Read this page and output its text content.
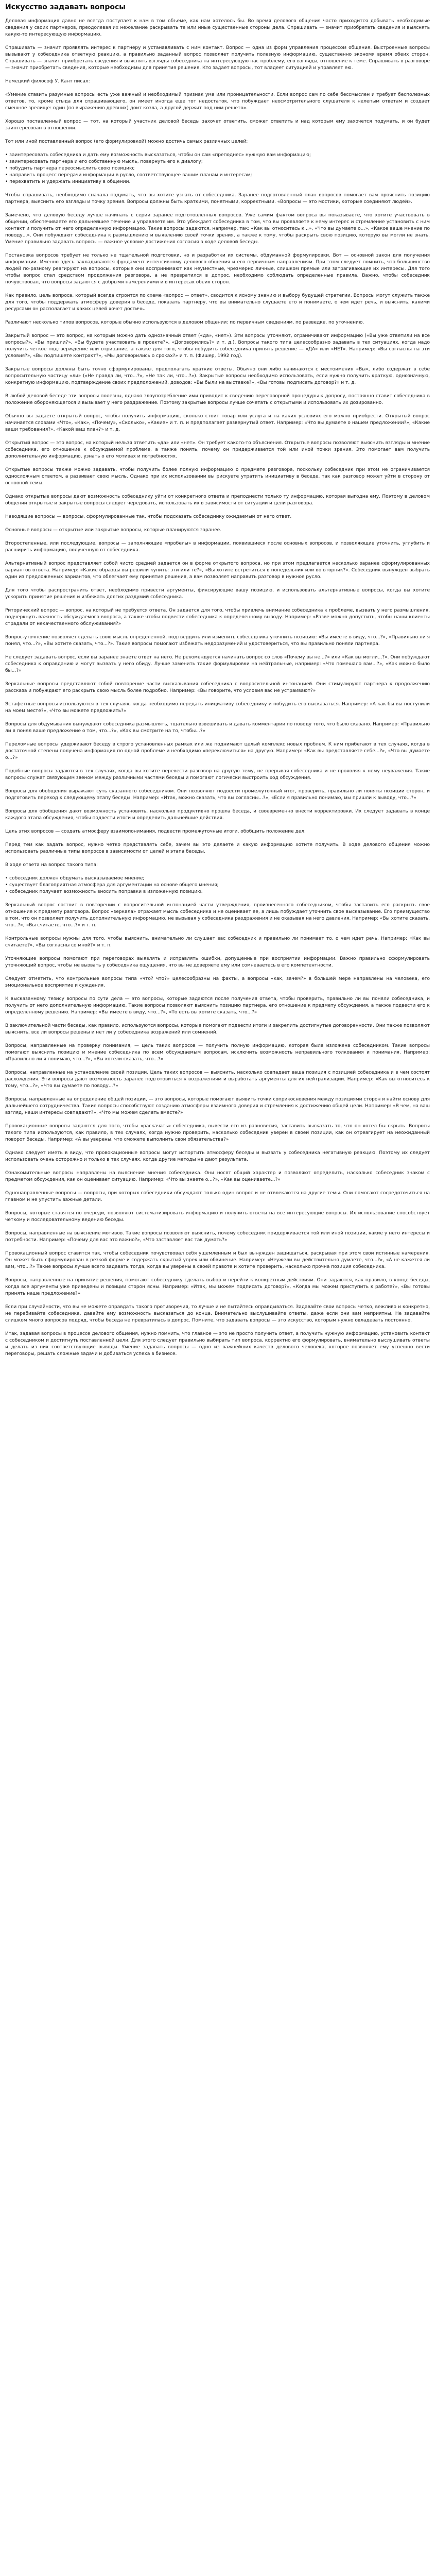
Искусство задавать вопросы

Деловая информация давно не всегда поступает к нам в том объеме, как нам хотелось бы. Во время делового общения часто приходится добывать необходимые сведения у своих партнеров, преодолевая их нежелание раскрывать те или иные существенные стороны дела. Спрашивать — значит приобретать сведения и выяснять какую-то интересующую информацию.

Спрашивать — значит проявлять интерес к партнеру и устанавливать с ним контакт. Вопрос — одна из форм управления процессом общения. Выстроенные вопросы вызывают у собеседника ответную реакцию, а правильно заданный вопрос позволяет получить полезную информацию, существенно экономя время обеих сторон. Спрашивать — значит приобретать сведения и выяснять взгляды собеседника на интересующую нас проблему, его взгляды, отношение к теме. Спрашивать в разговоре — значит приобретать сведения, которые необходимы для принятия решения. Кто задает вопросы, тот владеет ситуацией и управляет ею.

Немецкий философ У. Кант писал:

«Умение ставить разумные вопросы есть уже важный и необходимый признак ума или проницательности. Если вопрос сам по себе бессмыслен и требует бесполезных ответов, то, кроме стыда для спрашивающего, он имеет иногда еще тот недостаток, что побуждает неосмотрительного слушателя к нелепым ответам и создает смешное зрелище: один (по выражению древних) доит козла, а другой держит под ним решето».

Хорошо поставленный вопрос — тот, на который участник деловой беседы захочет ответить, сможет ответить и над которым ему захочется подумать, и он будет заинтересован в отношении.

Тот или иной поставленный вопрос (его формулировкой) можно достичь самых различных целей:

• заинтересовать собеседника и дать ему возможность высказаться, чтобы он сам «преподнес» нужную вам информацию;
• заинтересовать партнера и его собственную мысль, повернуть его к диалогу;
• побудить партнера переосмыслить свою позицию;
• направить процесс передачи информации в русло, соответствующее вашим планам и интересам;
• перехватить и удержать инициативу в общении.

Чтобы спрашивать, необходимо сначала подумать, что вы хотите узнать от собеседника. Заранее подготовленный план вопросов помогает вам прояснить позицию партнера, выяснить его взгляды и точку зрения. Вопросы должны быть краткими, понятными, корректными. «Вопросы — это мостики, которые соединяют людей».

Замечено, что деловую беседу лучше начинать с серии заранее подготовленных вопросов. Уже самим фактом вопроса вы показываете, что хотите участвовать в общении, обеспечиваете его дальнейшее течение и управляете им. Это убеждает собеседника в том, что вы проявляете к нему интерес и стремление установить с ним контакт и получить от него определенную информацию. Такие вопросы задаются, например, так: «Как вы относитесь к...», «Что вы думаете о...», «Какое ваше мнение по поводу...». Они побуждают собеседника к размышлению и выявлению своей точки зрения, а также к тому, чтобы раскрыть свою позицию, которую вы могли не знать. Умение правильно задавать вопросы — важное условие достижения согласия в ходе деловой беседы.

Постановка вопросов требует не только не тщательной подготовки, но и разработки их системы, обдуманной формулировки. Вот — основной закон для получения информации. Именно здесь закладываются фундамент интенсивному делового общения и его первичным направлениям. При этом следует помнить, что большинство людей по-разному реагируют на вопросы, которые они воспринимают как неуместные, чрезмерно личные, слишком прямые или затрагивающие их интересы. Для того чтобы вопрос стал средством продолжения разговора, а не превратился в допрос, необходимо соблюдать определенные правила. Важно, чтобы собеседник почувствовал, что вопросы задаются с добрыми намерениями и в интересах обеих сторон.

Как правило, цель вопроса, который всегда строится по схеме «вопрос — ответ», сводится к ясному знанию и выбору будущей стратегии. Вопросы могут служить также для того, чтобы поддержать атмосферу доверия в беседе, показать партнеру, что вы внимательно слушаете его и понимаете, о чем идет речь, и выяснить, какими ресурсами он располагает и каких целей хочет достичь.

Различают несколько типов вопросов, которые обычно используются в деловом общении: по первичным сведениям, по разведке, по уточнению.

Закрытый вопрос — это вопрос, на который можно дать однозначный ответ («да», «нет»). Эти вопросы уточняют, ограничивают информацию («Вы уже ответили на все вопросы?», «Вы пришли?», «Вы будете участвовать в проекте?», «Договорились?» и т. д.). Вопросы такого типа целесообразно задавать в тех ситуациях, когда надо получить четкое подтверждение или отрицание, а также для того, чтобы побудить собеседника принять решение — «ДА» или «НЕТ». Например: «Вы согласны на эти условия?», «Вы подпишете контракт?», «Мы договорились о сроках?» и т. п. (Фишер, 1992 год).

Закрытые вопросы должны быть точно сформулированы, предполагать краткие ответы. Обычно они либо начинаются с местоимения «Вы», либо содержат в себе вопросительную частицу «ли» («Не правда ли, что...?», «Не так ли, что...?»). Закрытые вопросы необходимо использовать, если нужно получить краткую, однозначную, конкретную информацию, подтверждение своих предположений, доводов: «Вы были на выставке?», «Вы готовы подписать договор?» и т. д.

В любой деловой беседе эти вопросы полезны, однако злоупотребление ими приводит к сведению переговорной процедуры к допросу, постоянно ставит собеседника в положение обороняющегося и вызывает у него раздражение. Поэтому закрытые вопросы лучше сочетать с открытыми и использовать их дозированно.

Обычно вы задаете открытый вопрос, чтобы получить информацию, сколько стоит товар или услуга и на каких условиях его можно приобрести. Открытый вопрос начинается словами «Что», «Как», «Почему», «Сколько», «Какие» и т. п. и предполагает развернутый ответ. Например: «Что вы думаете о нашем предложении?», «Какие ваши требования?», «Какой ваш план?» и т. д.

Открытый вопрос — это вопрос, на который нельзя ответить «да» или «нет». Он требует какого-то объяснения. Открытые вопросы позволяют выяснить взгляды и мнение собеседника, его отношение к обсуждаемой проблеме, а также понять, почему он придерживается той или иной точки зрения. Это помогает вам получить дополнительную информацию, узнать о его мотивах и потребностях.

Открытые вопросы также можно задавать, чтобы получить более полную информацию о предмете разговора, поскольку собеседник при этом не ограничивается односложным ответом, а развивает свою мысль. Однако при их использовании вы рискуете утратить инициативу в беседе, так как разговор может уйти в сторону от основной темы.

Однако открытые вопросы дают возможность собеседнику уйти от конкретного ответа и преподнести только ту информацию, которая выгодна ему. Поэтому в деловом общении открытые и закрытые вопросы следует чередовать, использовать их в зависимости от ситуации и цели разговора.

Наводящие вопросы — вопросы, сформулированные так, чтобы подсказать собеседнику ожидаемый от него ответ.

Основные вопросы — открытые или закрытые вопросы, которые планируются заранее.

Второстепенные, или последующие, вопросы — заполняющие «пробелы» в информации, появившиеся после основных вопросов, и позволяющие уточнить, углубить и расширить информацию, полученную от собеседника.

Альтернативный вопрос представляет собой чисто средней задается он в форме открытого вопроса, но при этом предлагается несколько заранее сформулированных вариантов ответа. Например: «Какие образцы вы решили купить: эти или те?», «Вы хотите встретиться в понедельник или во вторник?». Собеседник вынужден выбрать один из предложенных вариантов, что облегчает ему принятие решения, а вам позволяет направить разговор в нужное русло.

Для того чтобы распространить ответ, необходимо привести аргументы, фиксирующие вашу позицию, и использовать альтернативные вопросы, когда вы хотите ускорить принятие решения и избежать долгих раздумий собеседника.

Риторический вопрос — вопрос, на который не требуется ответа. Он задается для того, чтобы привлечь внимание собеседника к проблеме, вызвать у него размышления, подчеркнуть важность обсуждаемого вопроса, а также чтобы подвести собеседника к определенному выводу. Например: «Разве можно допустить, чтобы наши клиенты страдали от некачественного обслуживания?»

Вопрос-уточнение позволяет сделать свою мысль определенной, подтвердить или изменить собеседника уточнить позицию: «Вы имеете в виду, что...?», «Правильно ли я понял, что...?», «Вы хотите сказать, что...?». Такие вопросы помогают избежать недоразумений и удостовериться, что вы правильно поняли партнера.

Не следует задавать вопрос, если вы заранее знаете ответ на него. Не рекомендуется начинать вопрос со слов «Почему вы не...?» или «Как вы могли...?». Они побуждают собеседника к оправданию и могут вызвать у него обиду. Лучше заменить такие формулировки на нейтральные, например: «Что помешало вам...?», «Как можно было бы...?»

Зеркальные вопросы представляют собой повторение части высказывания собеседника с вопросительной интонацией. Они стимулируют партнера к продолжению рассказа и побуждают его раскрыть свою мысль более подробно. Например: «Вы говорите, что условия вас не устраивают?»

Эстафетные вопросы используются в тех случаях, когда необходимо передать инициативу собеседнику и побудить его высказаться. Например: «А как бы вы поступили на моем месте?», «Что вы можете предложить?»

Вопросы для обдумывания вынуждают собеседника размышлять, тщательно взвешивать и давать комментарии по поводу того, что было сказано. Например: «Правильно ли я понял ваше предложение о том, что...?», «Как вы смотрите на то, чтобы...?»

Переломные вопросы удерживают беседу в строго установленных рамках или же поднимают целый комплекс новых проблем. К ним прибегают в тех случаях, когда в достаточной степени получена информация по одной проблеме и необходимо «переключиться» на другую. Например: «Как вы представляете себе...?», «Что вы думаете о...?»

Подобные вопросы задаются в тех случаях, когда вы хотите перевести разговор на другую тему, не прерывая собеседника и не проявляя к нему неуважения. Такие вопросы служат связующим звеном между различными частями беседы и помогают логически выстроить ход обсуждения.

Вопросы для обобщения выражают суть сказанного собеседником. Они позволяют подвести промежуточный итог, проверить, правильно ли поняты позиции сторон, и подготовить переход к следующему этапу беседы. Например: «Итак, можно сказать, что вы согласны...?», «Если я правильно понимаю, мы пришли к выводу, что...?»

Вопросы для обобщения дают возможность установить, насколько продуктивно прошла беседа, и своевременно внести корректировки. Их следует задавать в конце каждого этапа обсуждения, чтобы подвести итоги и определить дальнейшие действия.

Цель этих вопросов — создать атмосферу взаимопонимания, подвести промежуточные итоги, обобщить положение дел.

Перед тем как задать вопрос, нужно четко представлять себе, зачем вы это делаете и какую информацию хотите получить. В ходе делового общения можно использовать различные типы вопросов в зависимости от целей и этапа беседы.

В ходе ответа на вопрос такого типа:

• собеседник должен обдумать высказываемое мнение;
• существует благоприятная атмосфера для аргументации на основе общего мнения;
• собеседник получает возможность вносить поправки в изложенную позицию.

Зеркальный вопрос состоит в повторении с вопросительной интонацией части утверждения, произнесенного собеседником, чтобы заставить его раскрыть свое отношение к предмету разговора. Вопрос «зеркала» отражает мысль собеседника и не оценивает ее, а лишь побуждает уточнить свое высказывание. Его преимущество в том, что он позволяет получить дополнительную информацию, не вызывая у собеседника раздражения и не оказывая на него давления. Например: «Вы хотите сказать, что...?», «Вы считаете, что...?» и т. п.

Контрольные вопросы нужны для того, чтобы выяснить, внимательно ли слушает вас собеседник и правильно ли понимает то, о чем идет речь. Например: «Как вы считаете?», «Вы согласны со мной?» и т. п.

Уточняющие вопросы помогают при переговорах выявлять и исправлять ошибки, допущенные при восприятии информации. Важно правильно сформулировать уточняющий вопрос, чтобы не вызвать у собеседника ощущения, что вы не доверяете ему или сомневаетесь в его компетентности.

Следует отметить, что контрольные вопросы типа «что? что?» целесообразны на факты, а вопросы «как, зачем?» в большей мере направлены на человека, его эмоциональное восприятие и суждения.

К высказанному тезису вопросы по сути дела — это вопросы, которые задаются после получения ответа, чтобы проверить, правильно ли вы поняли собеседника, и получить от него дополнительную информацию. Такие вопросы позволяют выяснить позицию партнера, его отношение к предмету обсуждения, а также подвести его к определенному решению. Например: «Вы имеете в виду, что...?», «То есть вы хотите сказать, что...?»

В заключительной части беседы, как правило, используются вопросы, которые помогают подвести итоги и закрепить достигнутые договоренности. Они также позволяют выяснить, все ли вопросы решены и нет ли у собеседника возражений или сомнений.

Вопросы, направленные на проверку понимания, — цель таких вопросов — получить полную информацию, которая была изложена собеседником. Такие вопросы помогают выяснить позицию и мнение собеседника по всем обсуждаемым вопросам, исключить возможность неправильного толкования и понимания. Например: «Правильно ли я понимаю, что...?», «Вы хотели сказать, что...?»

Вопросы, направленные на установление своей позиции. Цель таких вопросов — выяснить, насколько совпадает ваша позиция с позицией собеседника и в чем состоят расхождения. Эти вопросы дают возможность заранее подготовиться к возражениям и выработать аргументы для их нейтрализации. Например: «Как вы относитесь к тому, что...?», «Что вы думаете по поводу...?»

Вопросы, направленные на определение общей позиции, — это вопросы, которые помогают выявить точки соприкосновения между позициями сторон и найти основу для дальнейшего сотрудничества. Такие вопросы способствуют созданию атмосферы взаимного доверия и стремления к достижению общей цели. Например: «В чем, на ваш взгляд, наши интересы совпадают?», «Что мы можем сделать вместе?»

Провокационные вопросы задаются для того, чтобы «раскачать» собеседника, вывести его из равновесия, заставить высказать то, что он хотел бы скрыть. Вопросы такого типа используются, как правило, в тех случаях, когда нужно проверить, насколько собеседник уверен в своей позиции, как он отреагирует на неожиданный поворот беседы. Например: «А вы уверены, что сможете выполнить свои обязательства?»

Однако следует иметь в виду, что провокационные вопросы могут испортить атмосферу беседы и вызвать у собеседника негативную реакцию. Поэтому их следует использовать очень осторожно и только в тех случаях, когда другие методы не дают результата.

Ознакомительные вопросы направлены на выяснение мнения собеседника. Они носят общий характер и позволяют определить, насколько собеседник знаком с предметом обсуждения, как он оценивает ситуацию. Например: «Что вы знаете о...?», «Как вы оцениваете...?»

Однонаправленные вопросы — вопросы, при которых собеседники обсуждают только один вопрос и не отвлекаются на другие темы. Они помогают сосредоточиться на главном и не упустить важные детали.

Вопросы, которые ставятся по очереди, позволяют систематизировать информацию и получить ответы на все интересующие вопросы. Их использование способствует четкому и последовательному ведению беседы.

Вопросы, направленные на выяснение мотивов. Такие вопросы позволяют выяснить, почему собеседник придерживается той или иной позиции, какие у него интересы и потребности. Например: «Почему для вас это важно?», «Что заставляет вас так думать?»

Провокационный вопрос ставится так, чтобы собеседник почувствовал себя ущемленным и был вынужден защищаться, раскрывая при этом свои истинные намерения. Он может быть сформулирован в резкой форме и содержать скрытый упрек или обвинение. Например: «Неужели вы действительно думаете, что...?», «А не кажется ли вам, что...?» Такие вопросы лучше всего задавать тогда, когда вы уверены в своей правоте и хотите проверить, насколько прочна позиция собеседника.

Вопросы, направленные на принятие решения, помогают собеседнику сделать выбор и перейти к конкретным действиям. Они задаются, как правило, в конце беседы, когда все аргументы уже приведены и позиции сторон ясны. Например: «Итак, мы можем подписать договор?», «Когда мы можем приступить к работе?», «Вы готовы принять наше предложение?»

Если при случайности, что вы не можете оправдать такого противоречия, то лучше и не пытайтесь оправдываться. Задавайте свои вопросы четко, вежливо и конкретно, не перебивайте собеседника, давайте ему возможность высказаться до конца. Внимательно выслушивайте ответы, даже если они вам неприятны. Не задавайте слишком много вопросов подряд, чтобы беседа не превратилась в допрос. Помните, что задавать вопросы — это искусство, которым нужно овладевать постоянно.

Итак, задавая вопросы в процессе делового общения, нужно помнить, что главное — это не просто получить ответ, а получить нужную информацию, установить контакт с собеседником и достигнуть поставленной цели. Для этого следует правильно выбирать тип вопроса, корректно его формулировать, внимательно выслушивать ответы и делать из них соответствующие выводы. Умение задавать вопросы — одно из важнейших качеств делового человека, которое позволяет ему успешно вести переговоры, решать сложные задачи и добиваться успеха в бизнесе.
